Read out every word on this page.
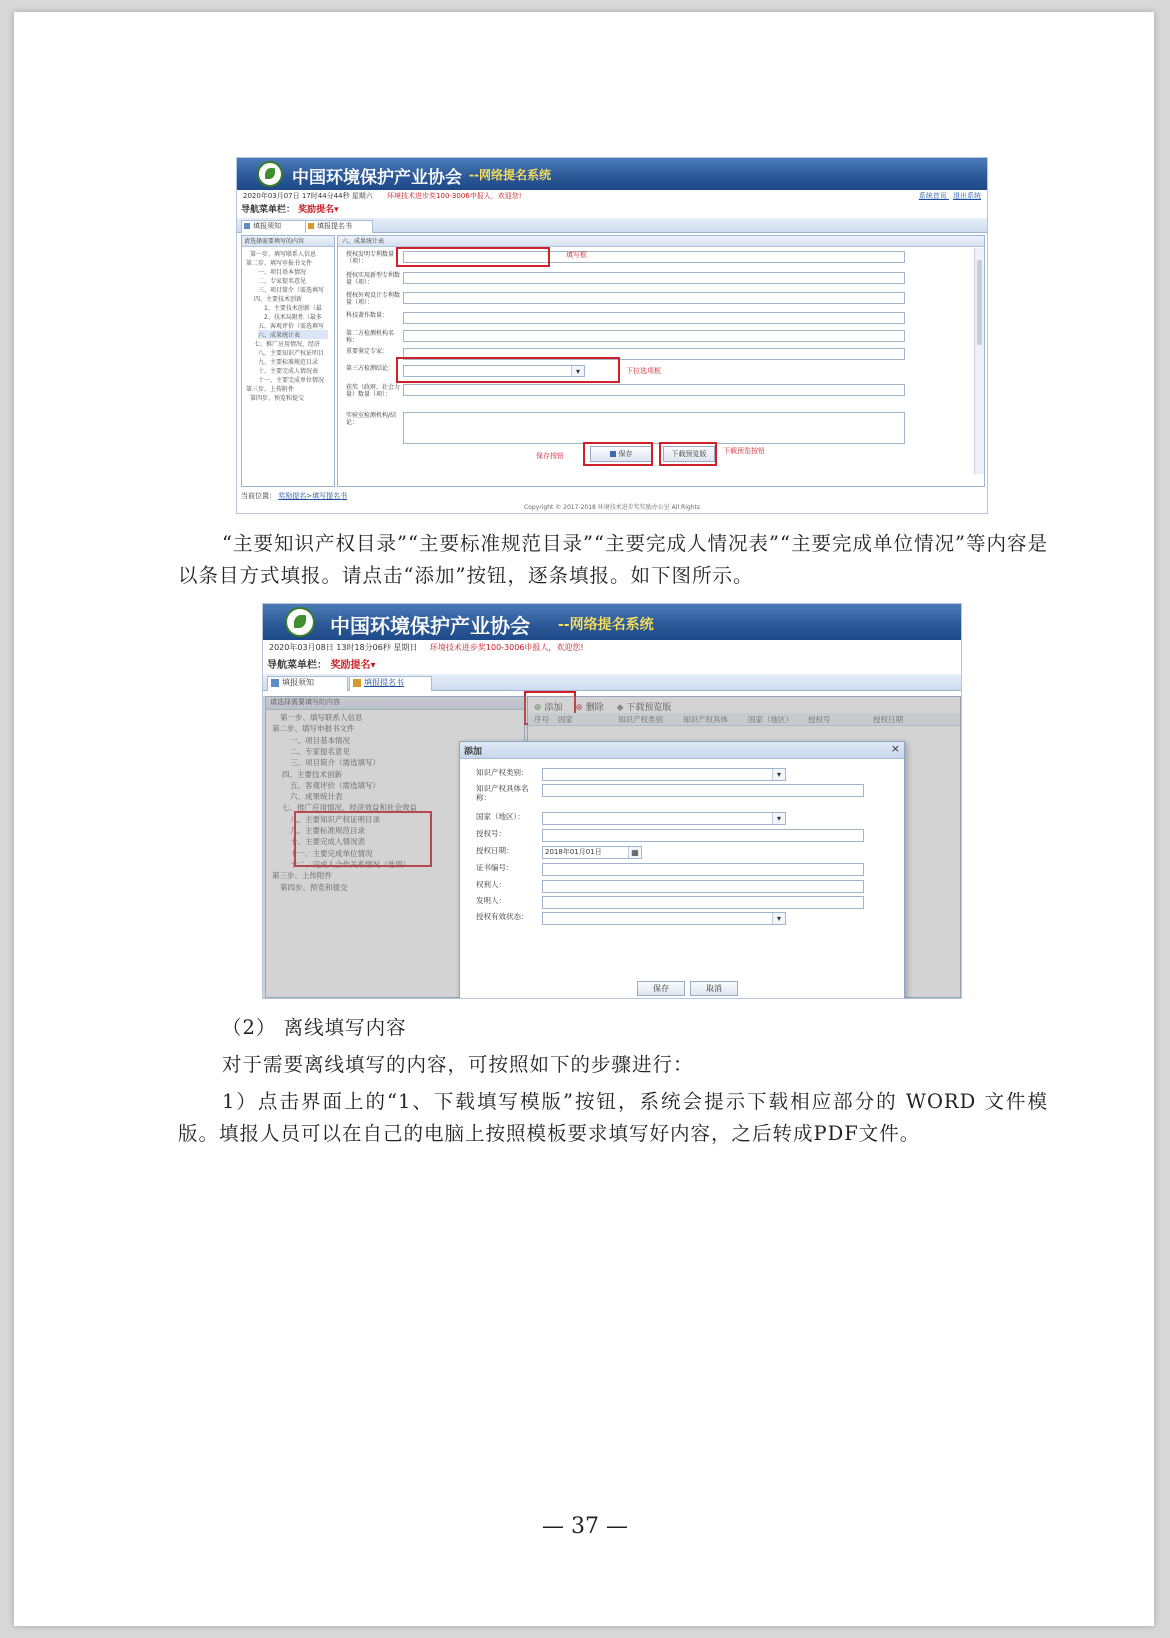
中国环境保护产业协会 --网络提名系统
2020年03月07日 17时44分44秒 星期六 环境技术进步奖100-3006申报人，欢迎您!	系统首页 退出系统
导航菜单栏： 奖励提名▾
填报须知	填报提名书
请选择需要填写的内容
第一步、填写联系人信息
第二步、填写申报书文件
一、项目基本情况
二、专家提名意见
三、项目简介（需选填写
四、主要技术创新
1、主要技术创新（最
2、技术局限性（最多
五、客观评价（需选填写
六、成果统计表
七、推广应用情况、经济
八、主要知识产权证明目
九、主要标准规范目录
十、主要完成人情况表
十一、主要完成单位情况
第三步、上传附件
第四步、预览和提交
六、成果统计表
授权发明专利数量（项）：
授权实用新型专利数量（项）：
授权外观设计专利数量（项）：
科技著作数量：
第二方检测机构名称：
重要鉴定专家：
第三方检测结论：	▾
获奖（政府、社会力量）数量（项）：
实验室检测机构/结论：
填写框
下拉选项框
保存按钮	保存	下载预览版	下载预览按钮
当前位置： 奖励提名>填写提名书
Copyright © 2017-2018 环境技术进步奖奖励办公室 All Rights

“主要知识产权目录”“主要标准规范目录”“主要完成人情况表”“主要完成单位情况”等内容是以条目方式填报。请点击“添加”按钮，逐条填报。如下图所示。

中国环境保护产业协会 --网络提名系统
2020年03月08日 13时18分06秒 星期日 环境技术进步奖100-3006申报人，欢迎您!
导航菜单栏： 奖励提名▾
填报须知	填报提名书
请选择需要填写的内容
第一步、填写联系人信息
第二步、填写申报书文件
一、项目基本情况
二、专家提名意见
三、项目简介（需选填写）
四、主要技术创新
五、客观评价（需选填写）
六、成果统计表
七、推广应用情况、经济效益和社会效益
八、主要知识产权证明目录
九、主要标准规范目录
十、主要完成人情况表
十一、主要完成单位情况
十二、完成人合作关系情况（选填）
第三步、上传附件
第四步、预览和提交
⊕ 添加 ⊗ 删除 ◆ 下载预览版
序号 国家	知识产权类别	知识产权具体	国家（地区） 授权号	授权日期
添加	×
知识产权类别：	▾
知识产权具体名称：
国家（地区）：	▾
授权号：
授权日期：	2018年01月01日	▦
证书编号：
权利人：
发明人：
授权有效状态：	▾
保存	取消

（2） 离线填写内容

对于需要离线填写的内容，可按照如下的步骤进行：

1）点击界面上的“1、下载填写模版”按钮，系统会提示下载相应部分的 WORD 文件模版。填报人员可以在自己的电脑上按照模板要求填写好内容，之后转成PDF文件。

— 37 —
